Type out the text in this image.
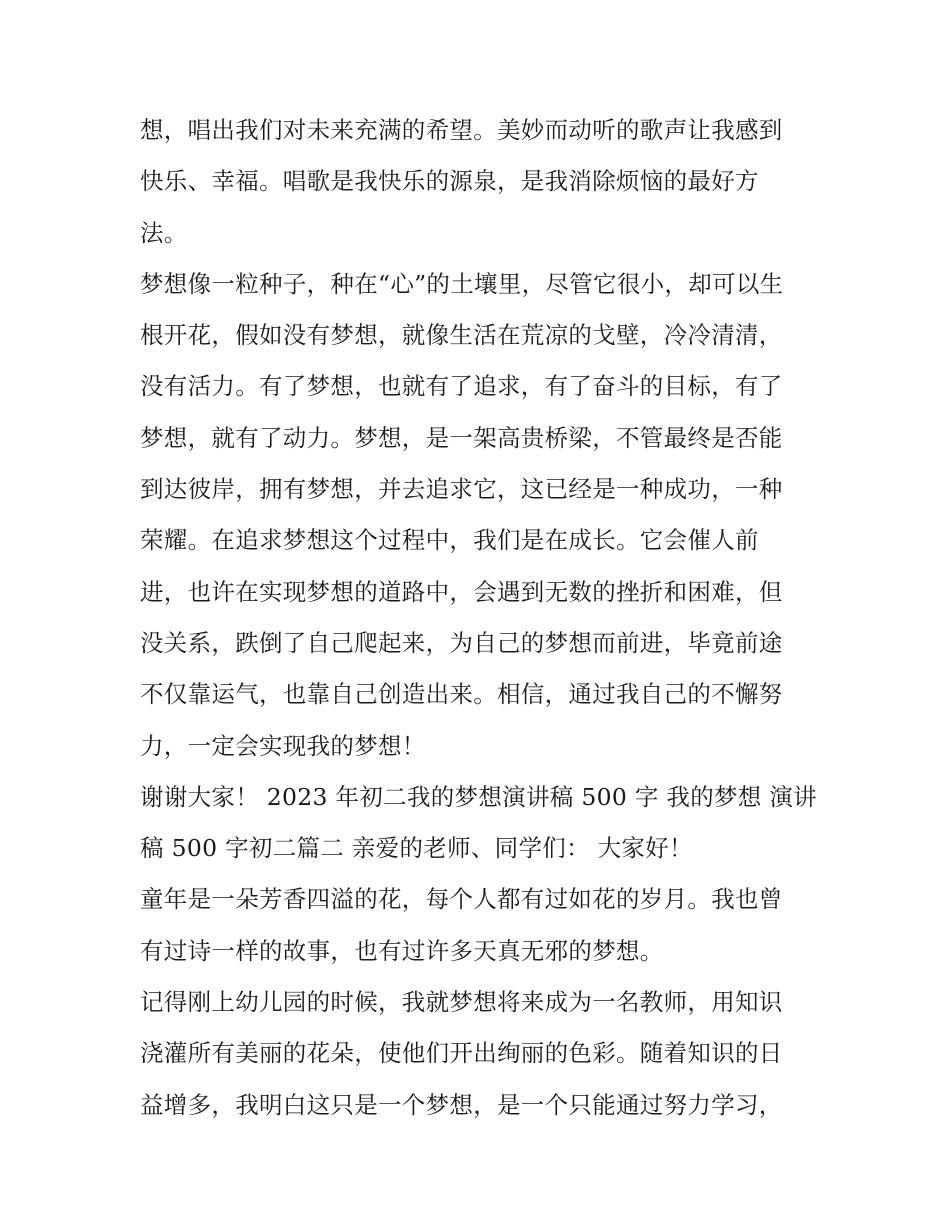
想，唱出我们对未来充满的希望。美妙而动听的歌声让我感到
快乐、幸福。唱歌是我快乐的源泉，是我消除烦恼的最好方
法。
梦想像一粒种子，种在“心”的土壤里，尽管它很小，却可以生
根开花，假如没有梦想，就像生活在荒凉的戈壁，冷冷清清，
没有活力。有了梦想，也就有了追求，有了奋斗的目标，有了
梦想，就有了动力。梦想，是一架高贵桥梁，不管最终是否能
到达彼岸，拥有梦想，并去追求它，这已经是一种成功，一种
荣耀。在追求梦想这个过程中，我们是在成长。它会催人前
进，也许在实现梦想的道路中，会遇到无数的挫折和困难，但
没关系，跌倒了自己爬起来，为自己的梦想而前进，毕竟前途
不仅靠运气，也靠自己创造出来。相信，通过我自己的不懈努
力，一定会实现我的梦想！
谢谢大家！ 2023 年初二我的梦想演讲稿 500 字 我的梦想 演讲
稿 500 字初二篇二 亲爱的老师、同学们： 大家好！
童年是一朵芳香四溢的花，每个人都有过如花的岁月。我也曾
有过诗一样的故事，也有过许多天真无邪的梦想。
记得刚上幼儿园的时候，我就梦想将来成为一名教师，用知识
浇灌所有美丽的花朵，使他们开出绚丽的色彩。随着知识的日
益增多，我明白这只是一个梦想，是一个只能通过努力学习，
